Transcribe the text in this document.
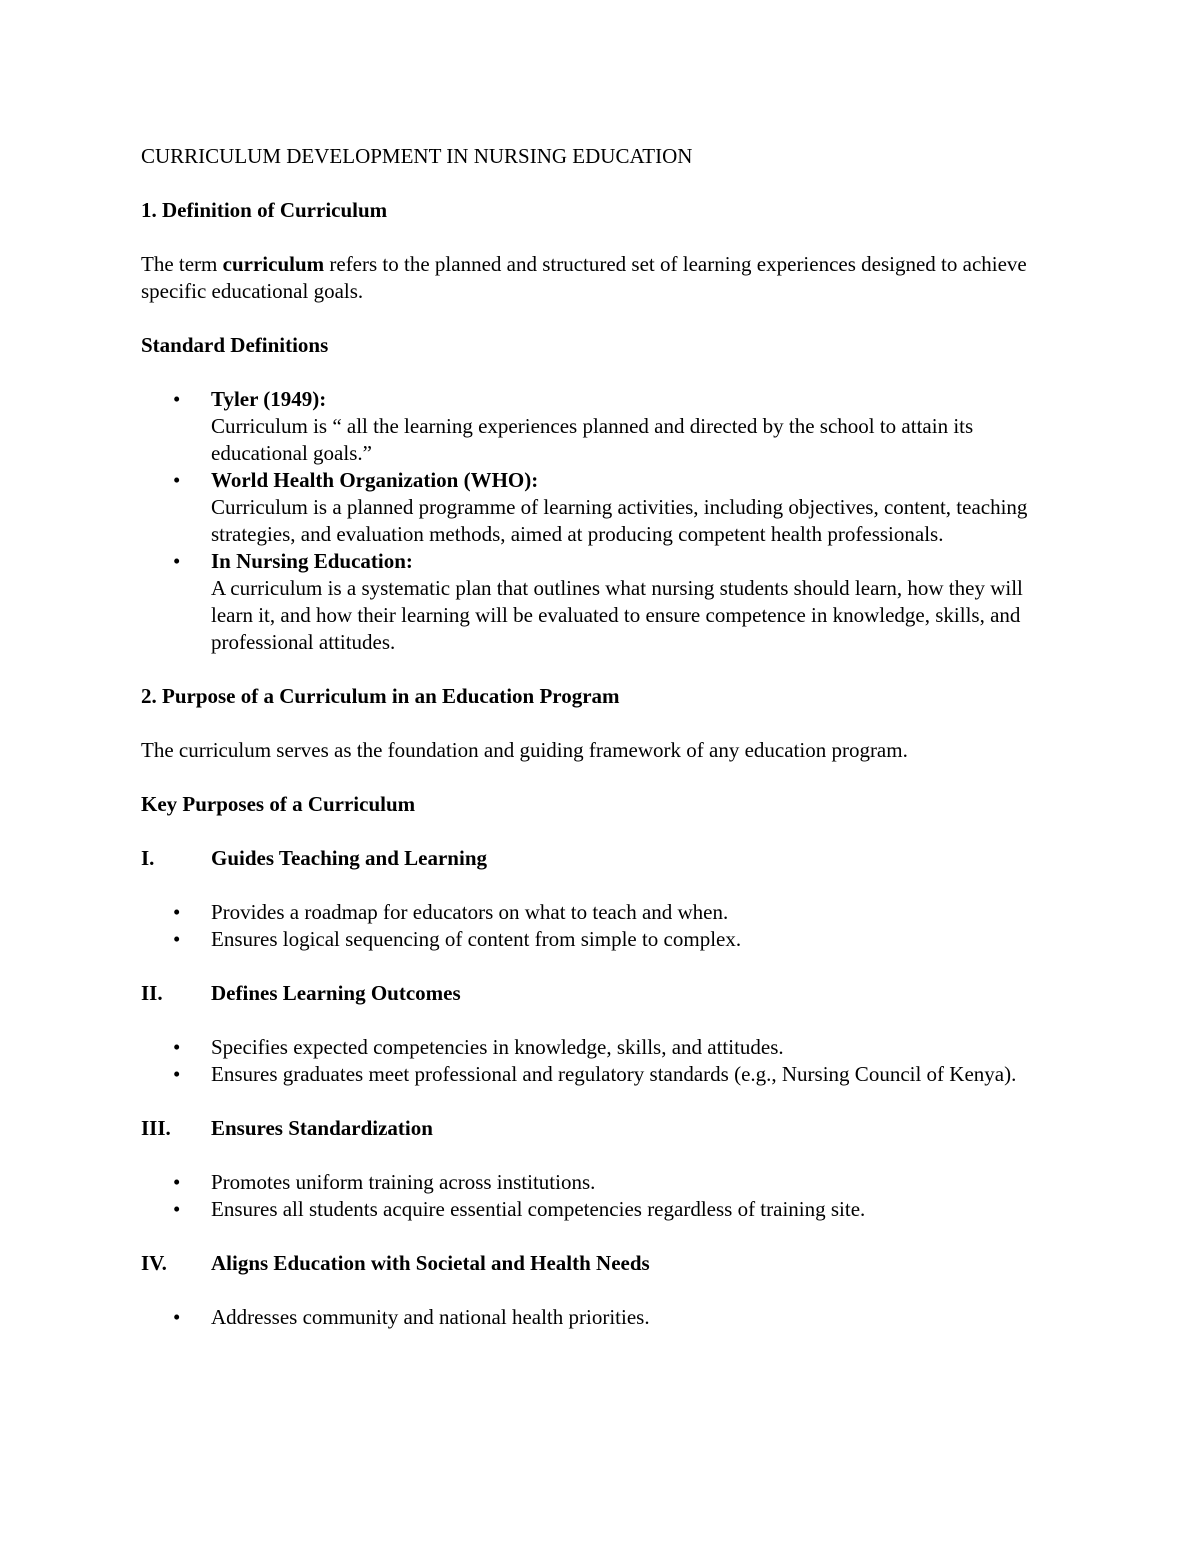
CURRICULUM DEVELOPMENT IN NURSING EDUCATION

1. Definition of Curriculum

The term curriculum refers to the planned and structured set of learning experiences designed to achieve specific educational goals.

Standard Definitions

• Tyler (1949):
Curriculum is “ all the learning experiences planned and directed by the school to attain its educational goals.”
• World Health Organization (WHO):
Curriculum is a planned programme of learning activities, including objectives, content, teaching strategies, and evaluation methods, aimed at producing competent health professionals.
• In Nursing Education:
A curriculum is a systematic plan that outlines what nursing students should learn, how they will learn it, and how their learning will be evaluated to ensure competence in knowledge, skills, and professional attitudes.

2. Purpose of a Curriculum in an Education Program

The curriculum serves as the foundation and guiding framework of any education program.

Key Purposes of a Curriculum

I.	Guides Teaching and Learning

• Provides a roadmap for educators on what to teach and when.
• Ensures logical sequencing of content from simple to complex.

II.	Defines Learning Outcomes

• Specifies expected competencies in knowledge, skills, and attitudes.
• Ensures graduates meet professional and regulatory standards (e.g., Nursing Council of Kenya).

III.	Ensures Standardization

• Promotes uniform training across institutions.
• Ensures all students acquire essential competencies regardless of training site.

IV.	Aligns Education with Societal and Health Needs

• Addresses community and national health priorities.
